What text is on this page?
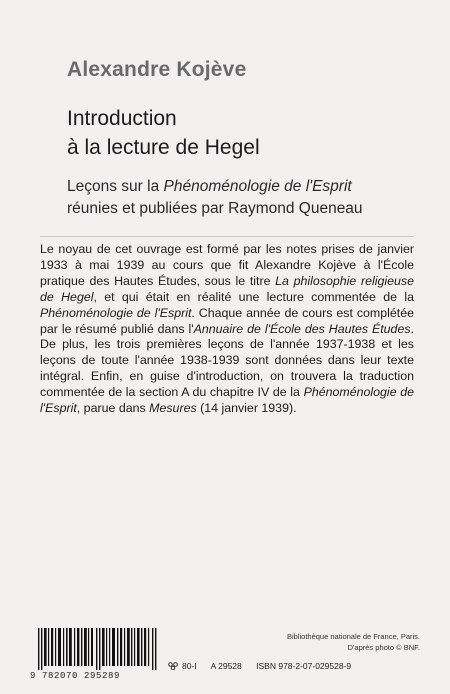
Alexandre Kojève
Introduction
à la lecture de Hegel
Leçons sur la Phénoménologie de l'Esprit
réunies et publiées par Raymond Queneau
Le noyau de cet ouvrage est formé par les notes prises de janvier 1933 à mai 1939 au cours que fit Alexandre Kojève à l'École pratique des Hautes Études, sous le titre La philosophie religieuse de Hegel, et qui était en réalité une lecture commentée de la Phénoménologie de l'Esprit. Chaque année de cours est complétée par le résumé publié dans l'Annuaire de l'École des Hautes Études. De plus, les trois premières leçons de l'année 1937-1938 et les leçons de toute l'année 1938-1939 sont données dans leur texte intégral. Enfin, en guise d'introduction, on trouvera la traduction commentée de la section A du chapitre IV de la Phénoménologie de l'Esprit, parue dans Mesures (14 janvier 1939).
Bibliothèque nationale de France, Paris.
D'après photo © BNF.
9 782070 295289
80-I A 29528 ISBN 978-2-07-029528-9
